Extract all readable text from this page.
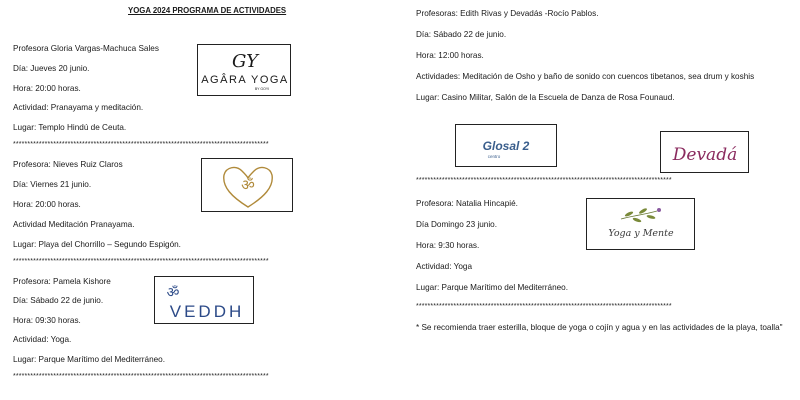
YOGA 2024 PROGRAMA DE ACTIVIDADES
Profesora Gloria Vargas-Machuca Sales
Día: Jueves 20 junio.
Hora: 20:00 horas.
Actividad: Pranayama y meditación.
Lugar: Templo Hindú de Ceuta.
GY
AGÂRA YOGA
BY GOYI
*****************************************************************************************
Profesora: Nieves Ruiz Claros
Día: Viernes 21 junio.
Hora: 20:00 horas.
Actividad Meditación Pranayama.
Lugar: Playa del Chorrillo – Segundo Espigón.
ॐ
*****************************************************************************************
Profesora: Pamela Kishore
Día: Sábado 22 de junio.
Hora: 09:30 horas.
Actividad: Yoga.
Lugar: Parque Marítimo del Mediterráneo.
ॐ
VEDDH
*****************************************************************************************
Profesoras: Edith Rivas y Devadás -Rocío Pablos.
Día: Sábado 22 de junio.
Hora: 12:00 horas.
Actividades: Meditación de Osho y baño de sonido con cuencos tibetanos, sea drum y koshis
Lugar: Casino Militar, Salón de la Escuela de Danza de Rosa Founaud.
Glosal 2
centro	Devadá
*****************************************************************************************
Profesora: Natalia Hincapié.
Día Domingo 23 junio.
Hora: 9:30 horas.
Actividad: Yoga
Lugar: Parque Marítimo del Mediterráneo.
Yoga y Mente
*****************************************************************************************
* Se recomienda traer esterilla, bloque de yoga o cojín y agua y en las actividades de la playa, toalla"
